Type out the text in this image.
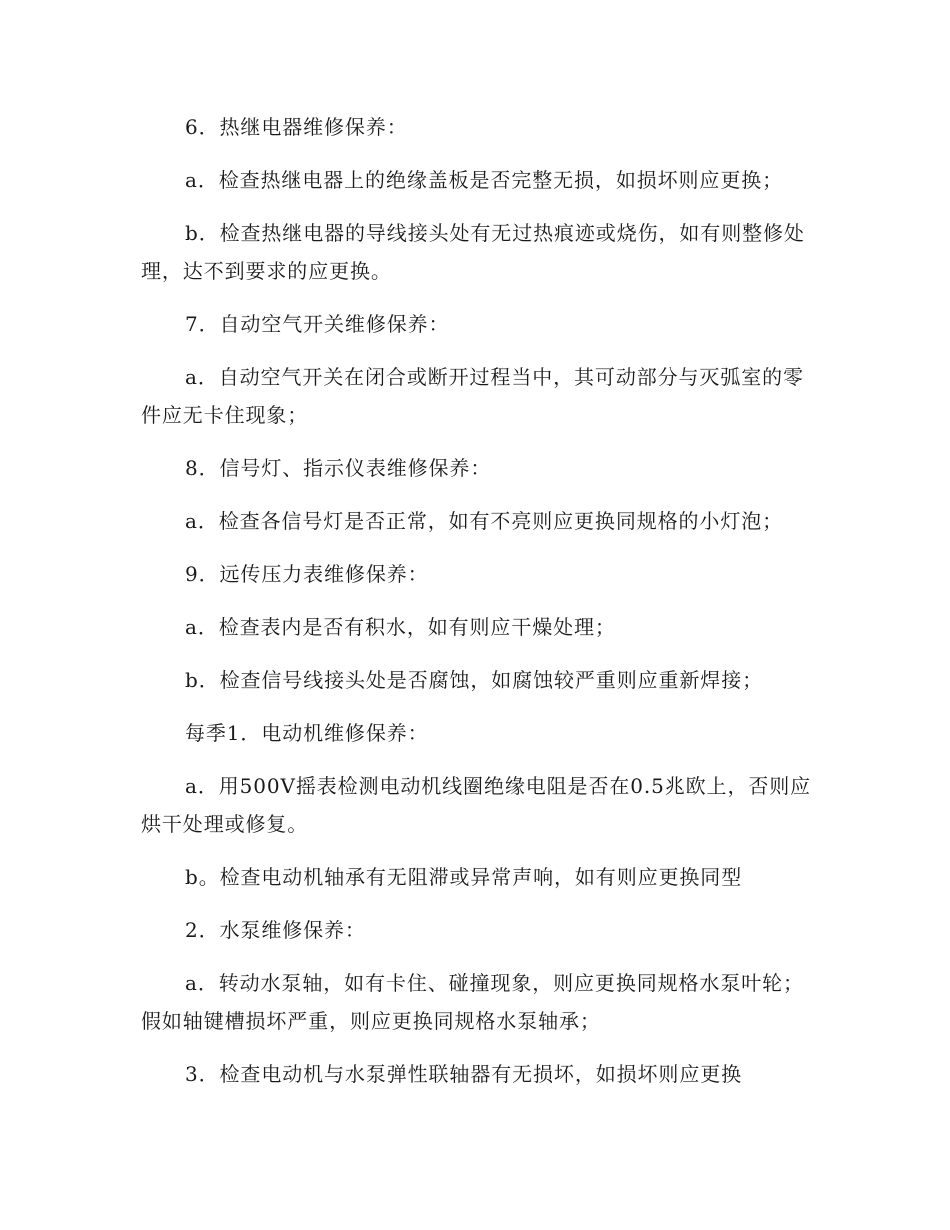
6．热继电器维修保养：

a．检查热继电器上的绝缘盖板是否完整无损，如损坏则应更换；

b．检查热继电器的导线接头处有无过热痕迹或烧伤，如有则整修处理，达不到要求的应更换。

7．自动空气开关维修保养：

a．自动空气开关在闭合或断开过程当中，其可动部分与灭弧室的零件应无卡住现象；

8．信号灯、指示仪表维修保养：

a．检查各信号灯是否正常，如有不亮则应更换同规格的小灯泡；

9．远传压力表维修保养：

a．检查表内是否有积水，如有则应干燥处理；

b．检查信号线接头处是否腐蚀，如腐蚀较严重则应重新焊接；

每季1．电动机维修保养：

a．用500V摇表检测电动机线圈绝缘电阻是否在0.5兆欧上，否则应烘干处理或修复。

b。检查电动机轴承有无阻滞或异常声响，如有则应更换同型

2．水泵维修保养：

a．转动水泵轴，如有卡住、碰撞现象，则应更换同规格水泵叶轮；假如轴键槽损坏严重，则应更换同规格水泵轴承；

3．检查电动机与水泵弹性联轴器有无损坏，如损坏则应更换
